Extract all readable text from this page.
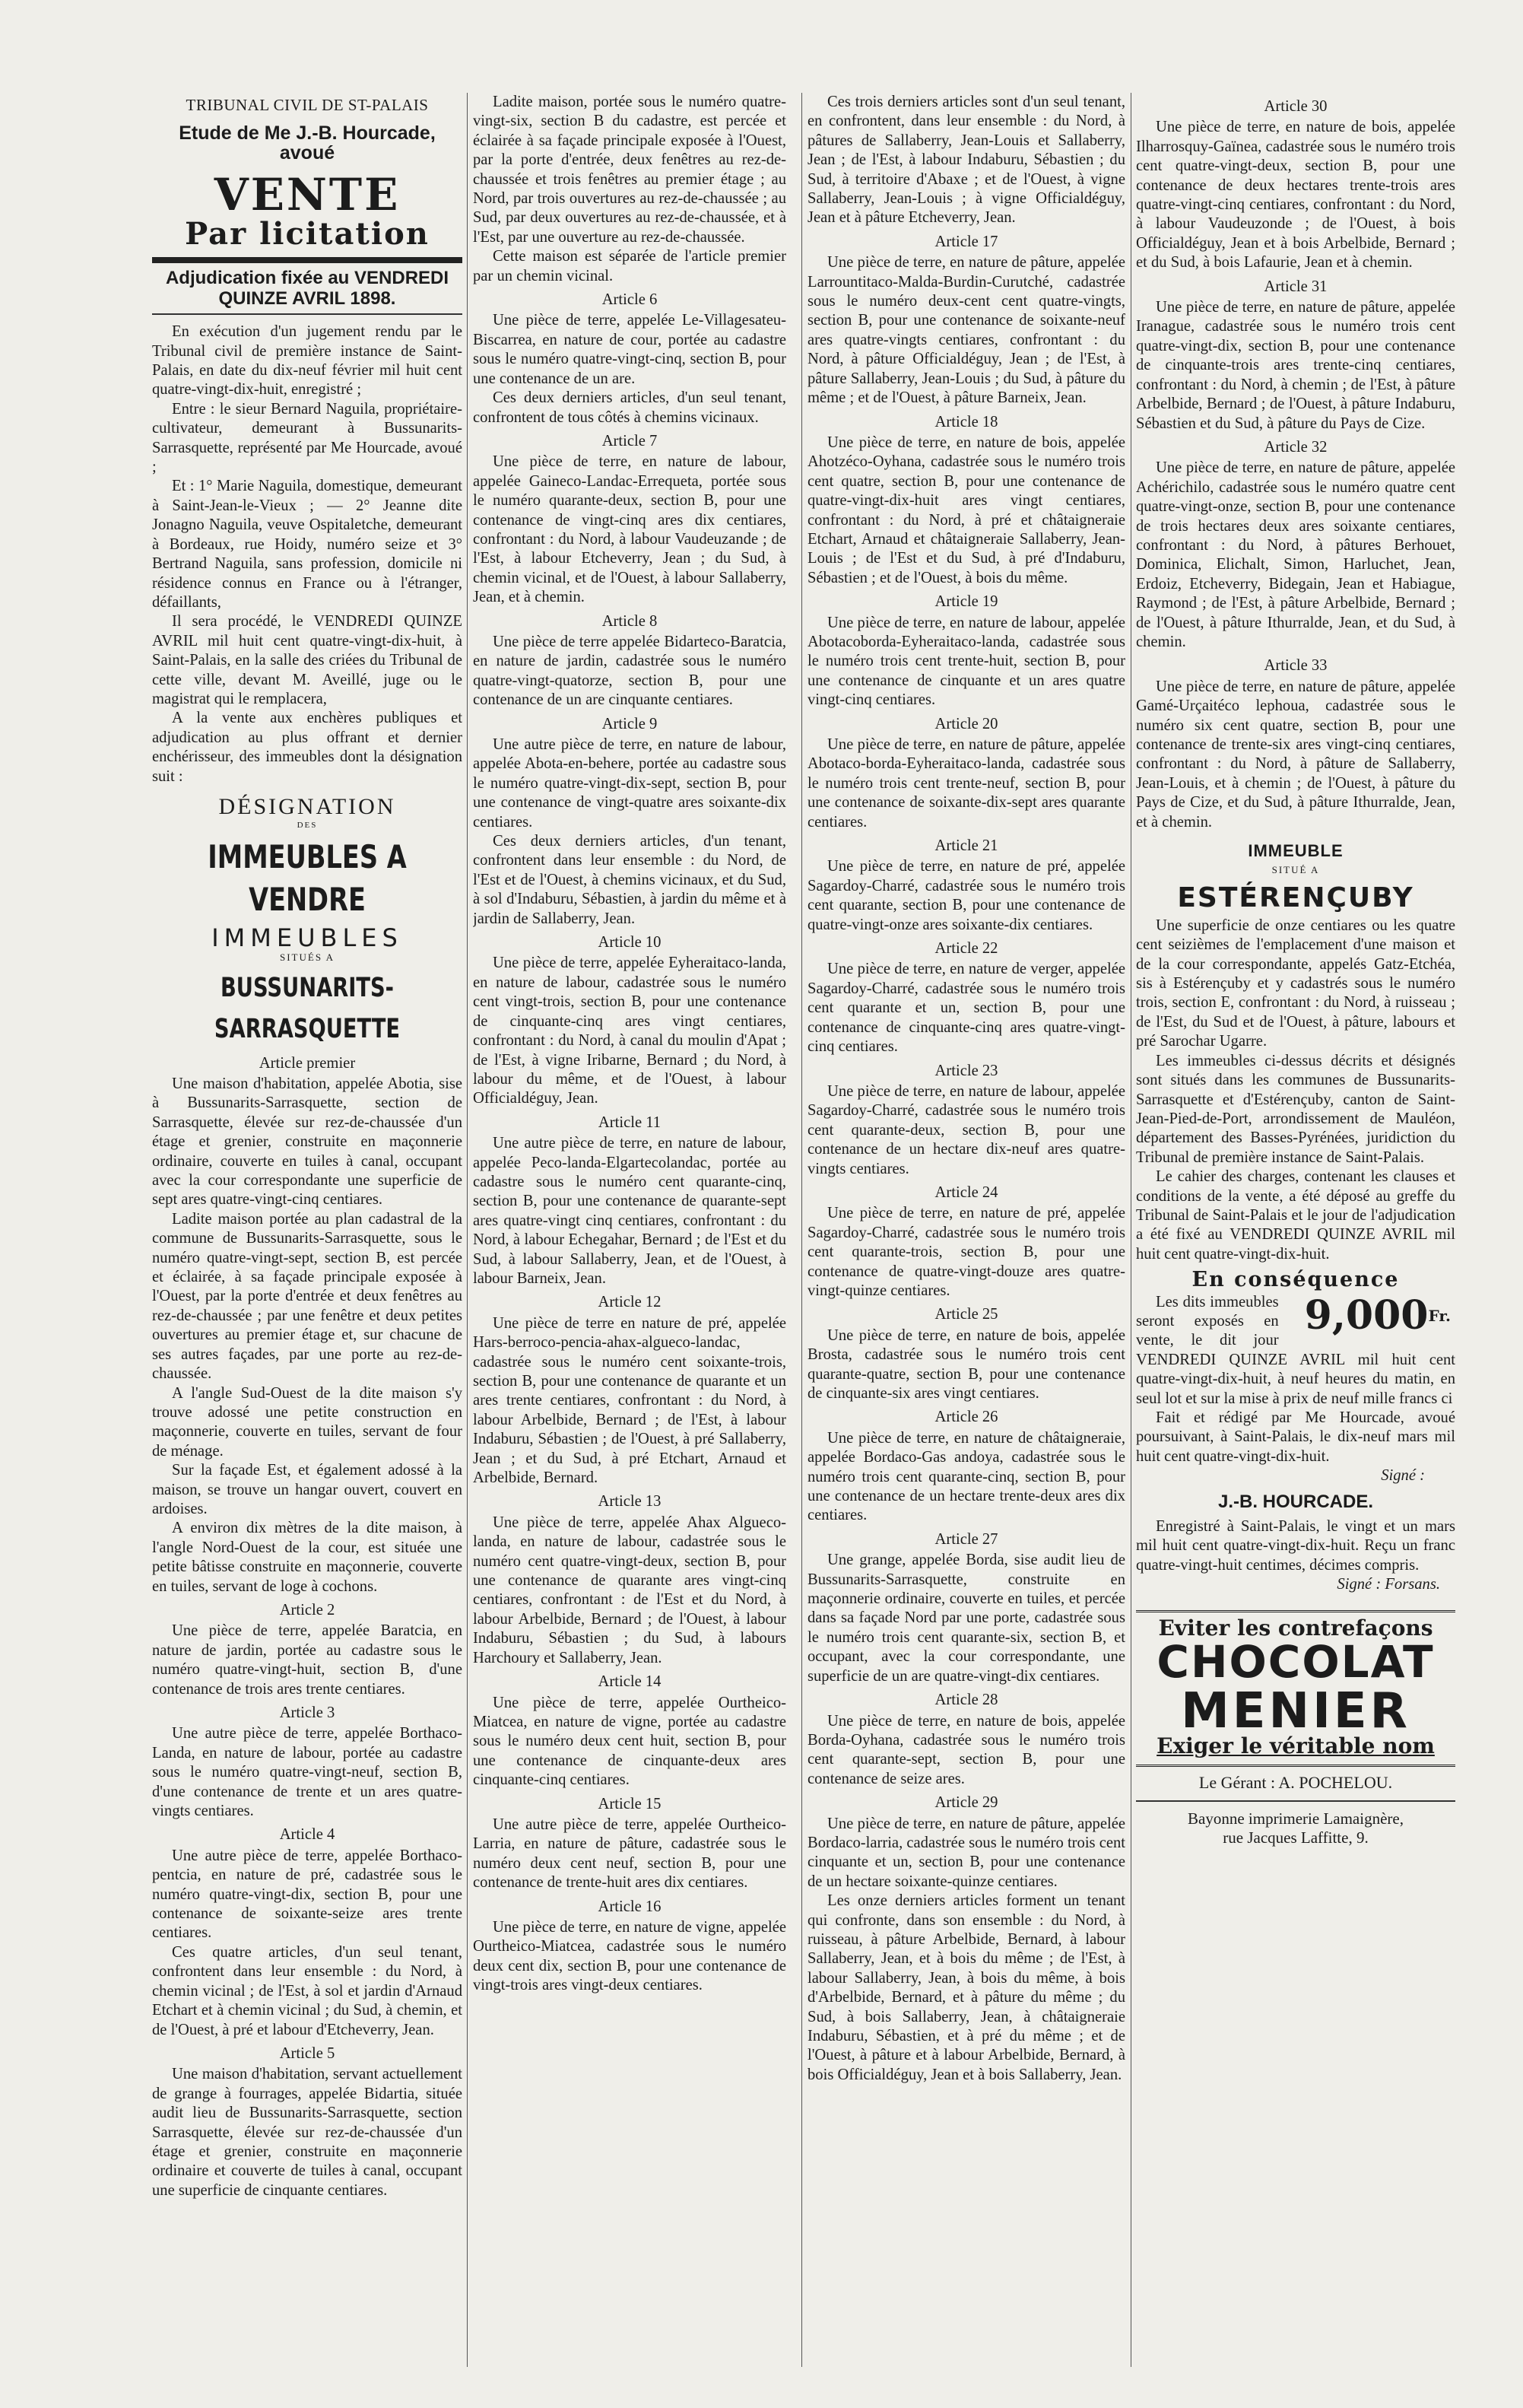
TRIBUNAL CIVIL DE ST-PALAIS
Etude de Me J.-B. Hourcade, avoué
VENTE
Par licitation
Adjudication fixée au VENDREDI QUINZE AVRIL 1898.

En exécution d'un jugement rendu par le Tribunal civil de première instance de Saint-Palais, en date du dix-neuf février mil huit cent quatre-vingt-dix-huit, enregistré ;

Entre : le sieur Bernard Naguila, propriétaire-cultivateur, demeurant à Bussunarits-Sarrasquette, représenté par Me Hourcade, avoué ;

Et : 1° Marie Naguila, domestique, demeurant à Saint-Jean-le-Vieux ; — 2° Jeanne dite Jonagno Naguila, veuve Ospitaletche, demeurant à Bordeaux, rue Hoidy, numéro seize et 3° Bertrand Naguila, sans profession, domicile ni résidence connus en France ou à l'étranger, défaillants,

Il sera procédé, le VENDREDI QUINZE AVRIL mil huit cent quatre-vingt-dix-huit, à Saint-Palais, en la salle des criées du Tribunal de cette ville, devant M. Aveillé, juge ou le magistrat qui le remplacera,

A la vente aux enchères publiques et adjudication au plus offrant et dernier enchérisseur, des immeubles dont la désignation suit :

DÉSIGNATION
DES
IMMEUBLES A VENDRE
IMMEUBLES
SITUÉS A
BUSSUNARITS-SARRASQUETTE
Article premier

Une maison d'habitation, appelée Abotia, sise à Bussunarits-Sarrasquette, section de Sarrasquette, élevée sur rez-de-chaussée d'un étage et grenier, construite en maçonnerie ordinaire, couverte en tuiles à canal, occupant avec la cour correspondante une superficie de sept ares quatre-vingt-cinq centiares.

Ladite maison portée au plan cadastral de la commune de Bussunarits-Sarrasquette, sous le numéro quatre-vingt-sept, section B, est percée et éclairée, à sa façade principale exposée à l'Ouest, par la porte d'entrée et deux fenêtres au rez-de-chaussée ; par une fenêtre et deux petites ouvertures au premier étage et, sur chacune de ses autres façades, par une porte au rez-de-chaussée.

A l'angle Sud-Ouest de la dite maison s'y trouve adossé une petite construction en maçonnerie, couverte en tuiles, servant de four de ménage.

Sur la façade Est, et également adossé à la maison, se trouve un hangar ouvert, couvert en ardoises.

A environ dix mètres de la dite maison, à l'angle Nord-Ouest de la cour, est située une petite bâtisse construite en maçonnerie, couverte en tuiles, servant de loge à cochons.

Article 2

Une pièce de terre, appelée Baratcia, en nature de jardin, portée au cadastre sous le numéro quatre-vingt-huit, section B, d'une contenance de trois ares trente centiares.

Article 3

Une autre pièce de terre, appelée Borthaco-Landa, en nature de labour, portée au cadastre sous le numéro quatre-vingt-neuf, section B, d'une contenance de trente et un ares quatre-vingts centiares.

Article 4

Une autre pièce de terre, appelée Borthaco-pentcia, en nature de pré, cadastrée sous le numéro quatre-vingt-dix, section B, pour une contenance de soixante-seize ares trente centiares.

Ces quatre articles, d'un seul tenant, confrontent dans leur ensemble : du Nord, à chemin vicinal ; de l'Est, à sol et jardin d'Arnaud Etchart et à chemin vicinal ; du Sud, à chemin, et de l'Ouest, à pré et labour d'Etcheverry, Jean.

Article 5

Une maison d'habitation, servant actuellement de grange à fourrages, appelée Bidartia, située audit lieu de Bussunarits-Sarrasquette, section Sarrasquette, élevée sur rez-de-chaussée d'un étage et grenier, construite en maçonnerie ordinaire et couverte de tuiles à canal, occupant une superficie de cinquante centiares.

Ladite maison, portée sous le numéro quatre-vingt-six, section B du cadastre, est percée et éclairée à sa façade principale exposée à l'Ouest, par la porte d'entrée, deux fenêtres au rez-de-chaussée et trois fenêtres au premier étage ; au Nord, par trois ouvertures au rez-de-chaussée ; au Sud, par deux ouvertures au rez-de-chaussée, et à l'Est, par une ouverture au rez-de-chaussée.

Cette maison est séparée de l'article premier par un chemin vicinal.

Article 6

Une pièce de terre, appelée Le-Villagesateu-Biscarrea, en nature de cour, portée au cadastre sous le numéro quatre-vingt-cinq, section B, pour une contenance de un are.

Ces deux derniers articles, d'un seul tenant, confrontent de tous côtés à chemins vicinaux.

Article 7

Une pièce de terre, en nature de labour, appelée Gaineco-Landac-Errequeta, portée sous le numéro quarante-deux, section B, pour une contenance de vingt-cinq ares dix centiares, confrontant : du Nord, à labour Vaudeuzande ; de l'Est, à labour Etcheverry, Jean ; du Sud, à chemin vicinal, et de l'Ouest, à labour Sallaberry, Jean, et à chemin.

Article 8

Une pièce de terre appelée Bidartеco-Baratcia, en nature de jardin, cadastrée sous le numéro quatre-vingt-quatorze, section B, pour une contenance de un are cinquante centiares.

Article 9

Une autre pièce de terre, en nature de labour, appelée Abota-en-behere, portée au cadastre sous le numéro quatre-vingt-dix-sept, section B, pour une contenance de vingt-quatre ares soixante-dix centiares.

Ces deux derniers articles, d'un tenant, confrontent dans leur ensemble : du Nord, de l'Est et de l'Ouest, à chemins vicinaux, et du Sud, à sol d'Indaburu, Sébastien, à jardin du même et à jardin de Sallaberry, Jean.

Article 10

Une pièce de terre, appelée Eyheraitaco-landa, en nature de labour, cadastrée sous le numéro cent vingt-trois, section B, pour une contenance de cinquante-cinq ares vingt centiares, confrontant : du Nord, à canal du moulin d'Apat ; de l'Est, à vigne Iribarne, Bernard ; du Nord, à labour du même, et de l'Ouest, à labour Officialdéguy, Jean.

Article 11

Une autre pièce de terre, en nature de labour, appelée Peco-landa-Elgartecolandac, portée au cadastre sous le numéro cent quarante-cinq, section B, pour une contenance de quarante-sept ares quatre-vingt cinq centiares, confrontant : du Nord, à labour Echegahar, Bernard ; de l'Est et du Sud, à labour Sallaberry, Jean, et de l'Ouest, à labour Barneix, Jean.

Article 12

Une pièce de terre en nature de pré, appelée Hars-berroco-pencia-ahax-algueco-landac, cadastrée sous le numéro cent soixante-trois, section B, pour une contenance de quarante et un ares trente centiares, confrontant : du Nord, à labour Arbelbide, Bernard ; de l'Est, à labour Indaburu, Sébastien ; de l'Ouest, à pré Sallaberry, Jean ; et du Sud, à pré Etchart, Arnaud et Arbelbide, Bernard.

Article 13

Une pièce de terre, appelée Ahax Algueco-landa, en nature de labour, cadastrée sous le numéro cent quatre-vingt-deux, section B, pour une contenance de quarante ares vingt-cinq centiares, confrontant : de l'Est et du Nord, à labour Arbelbide, Bernard ; de l'Ouest, à labour Indaburu, Sébastien ; du Sud, à labours Harchoury et Sallaberry, Jean.

Article 14

Une pièce de terre, appelée Ourtheico-Miatcea, en nature de vigne, portée au cadastre sous le numéro deux cent huit, section B, pour une contenance de cinquante-deux ares cinquante-cinq centiares.

Article 15

Une autre pièce de terre, appelée Ourtheico-Larria, en nature de pâture, cadastrée sous le numéro deux cent neuf, section B, pour une contenance de trente-huit ares dix centiares.

Article 16

Une pièce de terre, en nature de vigne, appelée Ourtheico-Miatcea, cadastrée sous le numéro deux cent dix, section B, pour une contenance de vingt-trois ares vingt-deux centiares.

Ces trois derniers articles sont d'un seul tenant, en confrontent, dans leur ensemble : du Nord, à pâtures de Sallaberry, Jean-Louis et Sallaberry, Jean ; de l'Est, à labour Indaburu, Sébastien ; du Sud, à territoire d'Abaxe ; et de l'Ouest, à vigne Sallaberry, Jean-Louis ; à vigne Officialdéguy, Jean et à pâture Etcheverry, Jean.

Article 17

Une pièce de terre, en nature de pâture, appelée Larrountitaco-Malda-Burdin-Curutché, cadastrée sous le numéro deux-cent cent quatre-vingts, section B, pour une contenance de soixante-neuf ares quatre-vingts centiares, confrontant : du Nord, à pâture Officialdéguy, Jean ; de l'Est, à pâture Sallaberry, Jean-Louis ; du Sud, à pâture du même ; et de l'Ouest, à pâture Barneix, Jean.

Article 18

Une pièce de terre, en nature de bois, appelée Ahotzéco-Oyhana, cadastrée sous le numéro trois cent quatre, section B, pour une contenance de quatre-vingt-dix-huit ares vingt centiares, confrontant : du Nord, à pré et châtaigneraie Etchart, Arnaud et châtaigneraie Sallaberry, Jean-Louis ; de l'Est et du Sud, à pré d'Indaburu, Sébastien ; et de l'Ouest, à bois du même.

Article 19

Une pièce de terre, en nature de labour, appelée Abotacoborda-Eyheraitaco-landa, cadastrée sous le numéro trois cent trente-huit, section B, pour une contenance de cinquante et un ares quatre vingt-cinq centiares.

Article 20

Une pièce de terre, en nature de pâture, appelée Abotaco-borda-Eyheraitaco-landa, cadastrée sous le numéro trois cent trente-neuf, section B, pour une contenance de soixante-dix-sept ares quarante centiares.

Article 21

Une pièce de terre, en nature de pré, appelée Sagardoy-Charré, cadastrée sous le numéro trois cent quarante, section B, pour une contenance de quatre-vingt-onze ares soixante-dix centiares.

Article 22

Une pièce de terre, en nature de verger, appelée Sagardoy-Charré, cadastrée sous le numéro trois cent quarante et un, section B, pour une contenance de cinquante-cinq ares quatre-vingt-cinq centiares.

Article 23

Une pièce de terre, en nature de labour, appelée Sagardoy-Charré, cadastrée sous le numéro trois cent quarante-deux, section B, pour une contenance de un hectare dix-neuf ares quatre-vingts centiares.

Article 24

Une pièce de terre, en nature de pré, appelée Sagardoy-Charré, cadastrée sous le numéro trois cent quarante-trois, section B, pour une contenance de quatre-vingt-douze ares quatre-vingt-quinze centiares.

Article 25

Une pièce de terre, en nature de bois, appelée Brosta, cadastrée sous le numéro trois cent quarante-quatre, section B, pour une contenance de cinquante-six ares vingt centiares.

Article 26

Une pièce de terre, en nature de châtaigneraie, appelée Bordaco-Gas andoya, cadastrée sous le numéro trois cent quarante-cinq, section B, pour une contenance de un hectare trente-deux ares dix centiares.

Article 27

Une grange, appelée Borda, sise audit lieu de Bussunarits-Sarrasquette, construite en maçonnerie ordinaire, couverte en tuiles, et percée dans sa façade Nord par une porte, cadastrée sous le numéro trois cent quarante-six, section B, et occupant, avec la cour correspondante, une superficie de un are quatre-vingt-dix centiares.

Article 28

Une pièce de terre, en nature de bois, appelée Borda-Oyhana, cadastrée sous le numéro trois cent quarante-sept, section B, pour une contenance de seize ares.

Article 29

Une pièce de terre, en nature de pâture, appelée Bordaco-larria, cadastrée sous le numéro trois cent cinquante et un, section B, pour une contenance de un hectare soixante-quinze centiares.

Les onze derniers articles forment un tenant qui confronte, dans son ensemble : du Nord, à ruisseau, à pâture Arbelbide, Bernard, à labour Sallaberry, Jean, et à bois du même ; de l'Est, à labour Sallaberry, Jean, à bois du même, à bois d'Arbelbide, Bernard, et à pâture du même ; du Sud, à bois Sallaberry, Jean, à châtaigneraie Indaburu, Sébastien, et à pré du même ; et de l'Ouest, à pâture et à labour Arbelbide, Bernard, à bois Officialdéguy, Jean et à bois Sallaberry, Jean.

Article 30

Une pièce de terre, en nature de bois, appelée Ilharrosquy-Gaïnea, cadastrée sous le numéro trois cent quatre-vingt-deux, section B, pour une contenance de deux hectares trente-trois ares quatre-vingt-cinq centiares, confrontant : du Nord, à labour Vaudeuzonde ; de l'Ouest, à bois Officialdéguy, Jean et à bois Arbelbide, Bernard ; et du Sud, à bois Lafaurie, Jean et à chemin.

Article 31

Une pièce de terre, en nature de pâture, appelée Iranague, cadastrée sous le numéro trois cent quatre-vingt-dix, section B, pour une contenance de cinquante-trois ares trente-cinq centiares, confrontant : du Nord, à chemin ; de l'Est, à pâture Arbelbide, Bernard ; de l'Ouest, à pâture Indaburu, Sébastien et du Sud, à pâture du Pays de Cize.

Article 32

Une pièce de terre, en nature de pâture, appelée Achérichilo, cadastrée sous le numéro quatre cent quatre-vingt-onze, section B, pour une contenance de trois hectares deux ares soixante centiares, confrontant : du Nord, à pâtures Berhouet, Dominica, Elichalt, Simon, Harluchet, Jean, Erdoiz, Etcheverry, Bidegain, Jean et Habiague, Raymond ; de l'Est, à pâture Arbelbide, Bernard ; de l'Ouest, à pâture Ithurralde, Jean, et du Sud, à chemin.

Article 33

Une pièce de terre, en nature de pâture, appelée Gamé-Urçaitéco lephoua, cadastrée sous le numéro six cent quatre, section B, pour une contenance de trente-six ares vingt-cinq centiares, confrontant : du Nord, à pâture de Sallaberry, Jean-Louis, et à chemin ; de l'Ouest, à pâture du Pays de Cize, et du Sud, à pâture Ithurralde, Jean, et à chemin.

IMMEUBLE
SITUÉ A
ESTÉRENÇUBY

Une superficie de onze centiares ou les quatre cent seizièmes de l'emplacement d'une maison et de la cour correspondante, appelés Gatz-Etchéa, sis à Estérençuby et y cadastrés sous le numéro trois, section E, confrontant : du Nord, à ruisseau ; de l'Est, du Sud et de l'Ouest, à pâture, labours et pré Sarochar Ugarre.

Les immeubles ci-dessus décrits et désignés sont situés dans les communes de Bussunarits-Sarrasquette et d'Estérençuby, canton de Saint-Jean-Pied-de-Port, arrondissement de Mauléon, département des Basses-Pyrénées, juridiction du Tribunal de première instance de Saint-Palais.

Le cahier des charges, contenant les clauses et conditions de la vente, a été déposé au greffe du Tribunal de Saint-Palais et le jour de l'adjudication a été fixé au VENDREDI QUINZE AVRIL mil huit cent quatre-vingt-dix-huit.

En conséquence

$9,000^{Fr.}$
Les dits immeubles seront exposés en vente, le dit jour VENDREDI QUINZE AVRIL mil huit cent quatre-vingt-dix-huit, à neuf heures du matin, en seul lot et sur la mise à prix de neuf mille francs ci

Fait et rédigé par Me Hourcade, avoué poursuivant, à Saint-Palais, le dix-neuf mars mil huit cent quatre-vingt-dix-huit.

Signé :

J.-B. HOURCADE.

Enregistré à Saint-Palais, le vingt et un mars mil huit cent quatre-vingt-dix-huit. Reçu un franc quatre-vingt-huit centimes, décimes compris.

Signé : Forsans.

Eviter les contrefaçons
CHOCOLAT
MENIER
Exiger le véritable nom
Le Gérant : A. POCHELOU.
Bayonne imprimerie Lamaignère,
rue Jacques Laffitte, 9.
